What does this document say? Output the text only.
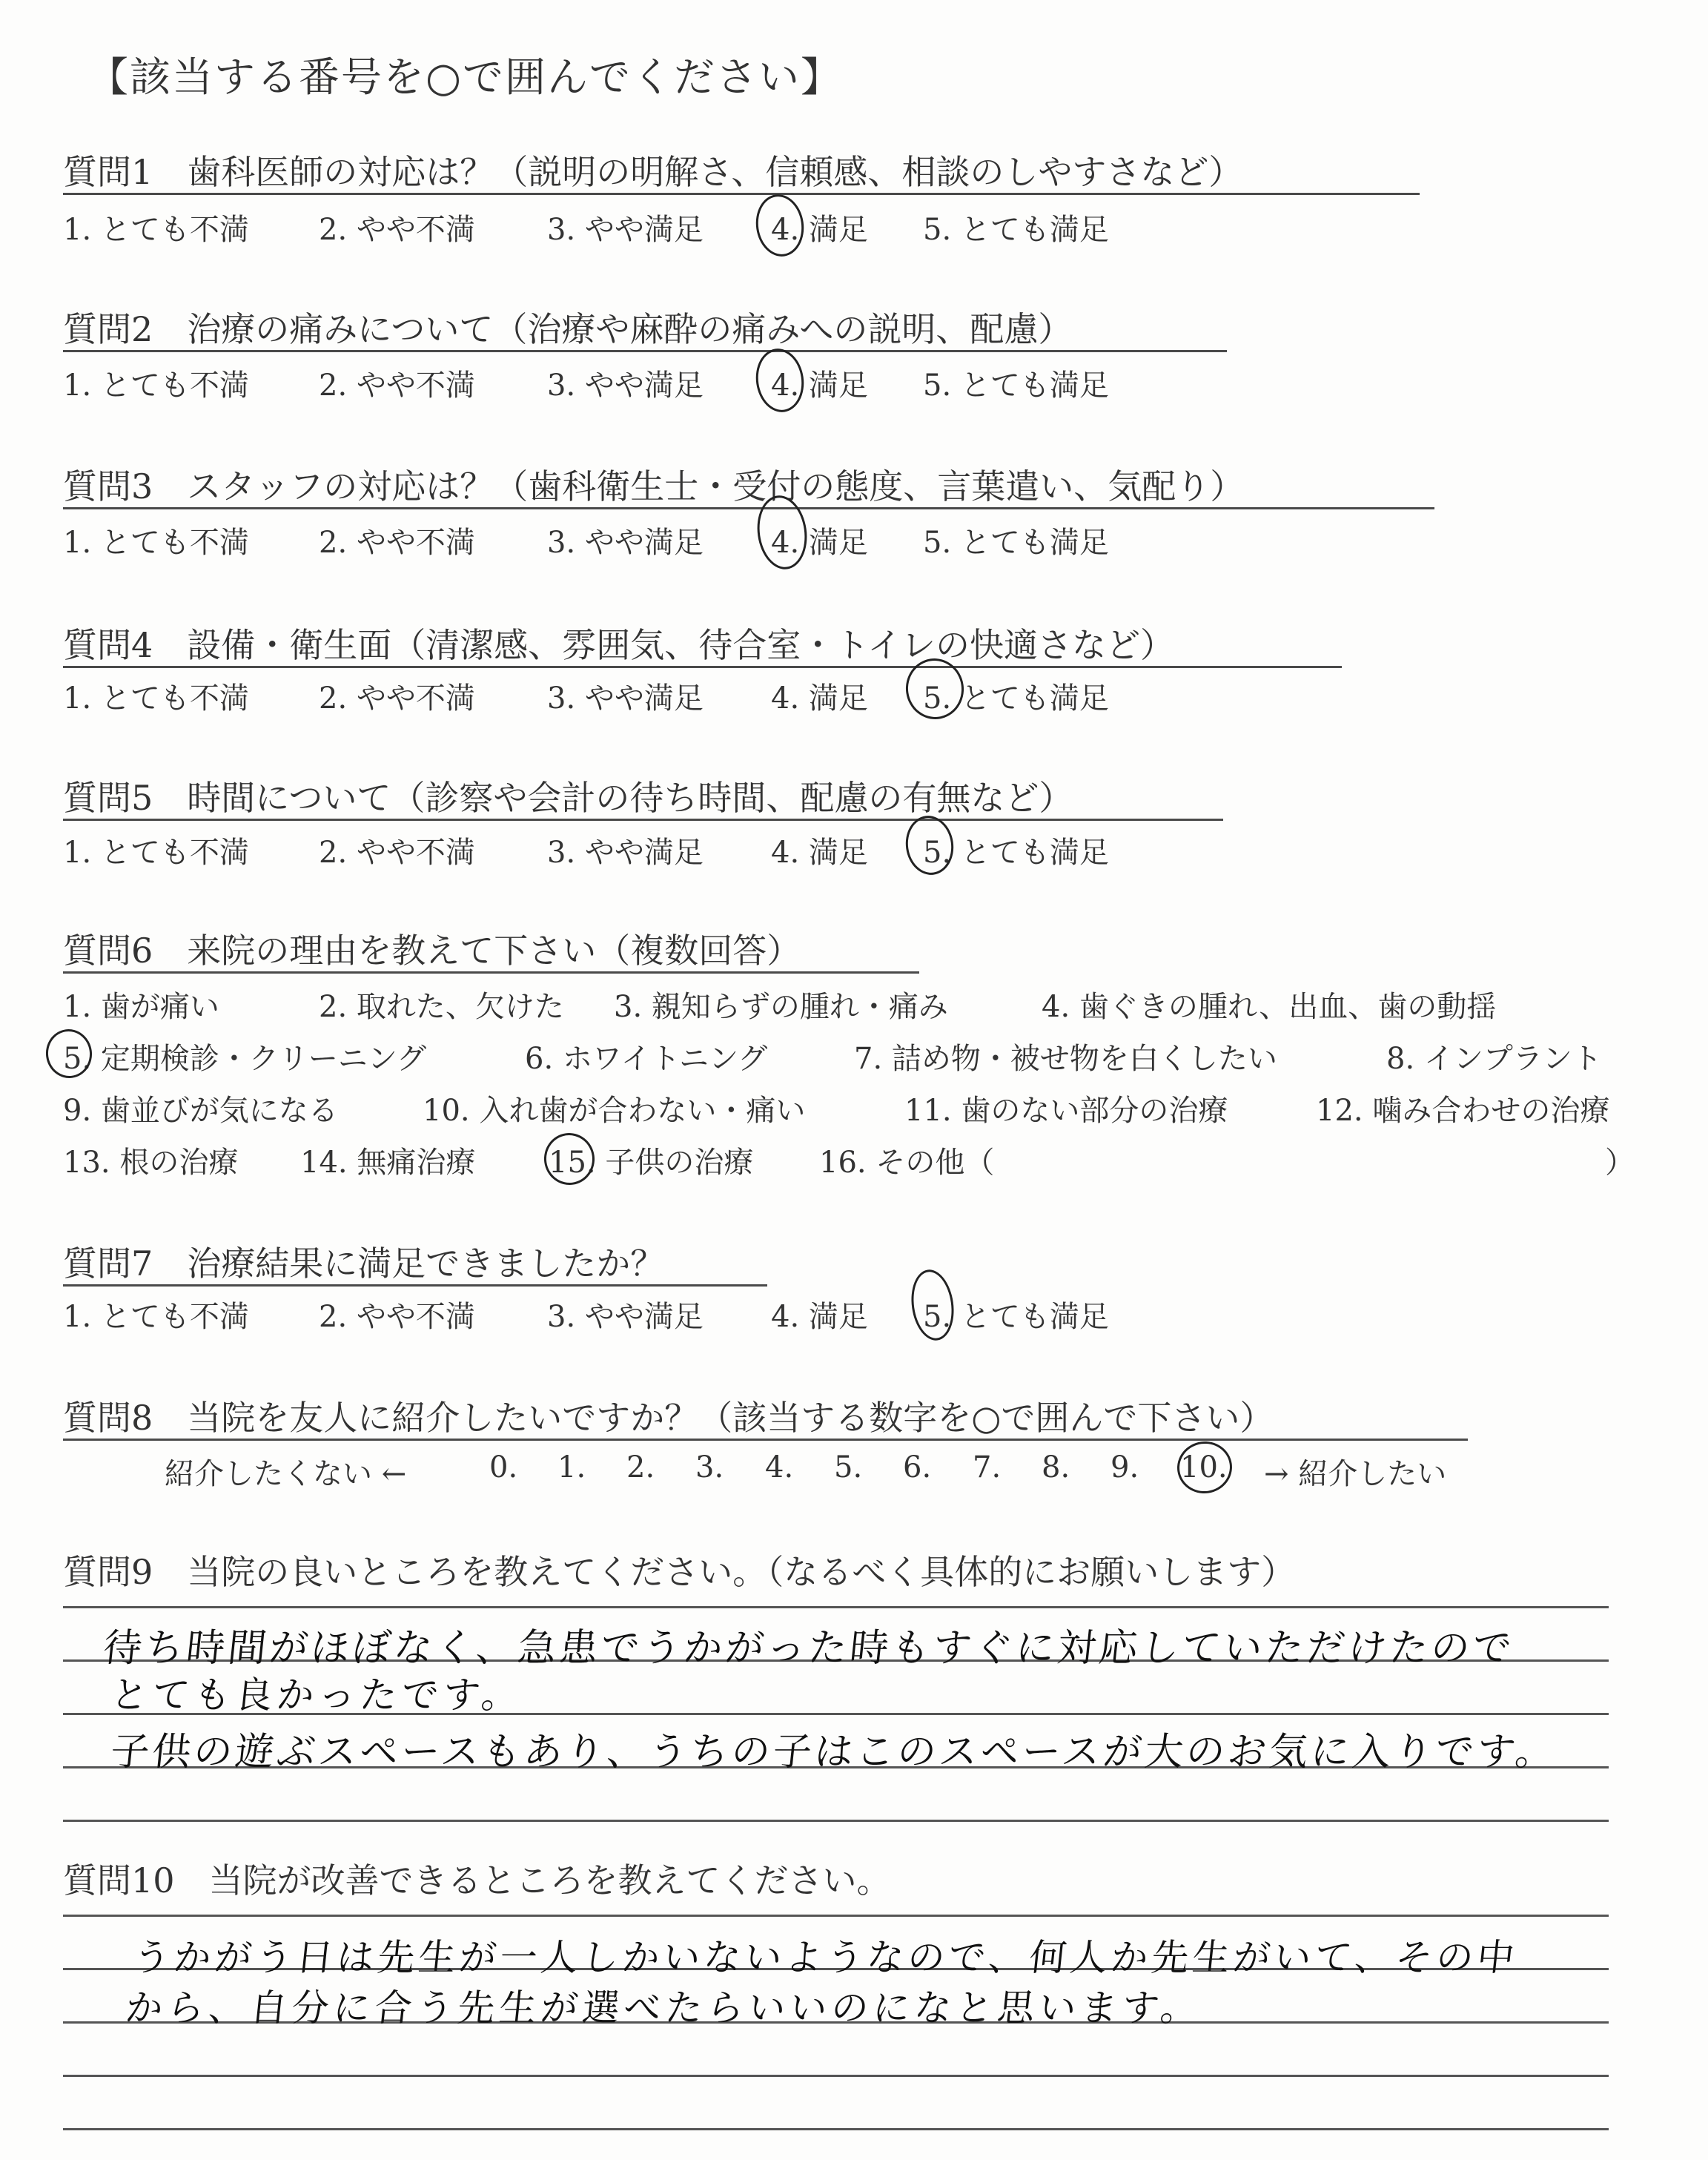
【該当する番号を○で囲んでください】
質問1　歯科医師の対応は？（説明の明解さ、信頼感、相談のしやすさなど）
1. とても不満 2. やや不満 3. やや満足 4. 満足 5. とても満足
質問2　治療の痛みについて（治療や麻酔の痛みへの説明、配慮）
1. とても不満 2. やや不満 3. やや満足 4. 満足 5. とても満足
質問3　スタッフの対応は？（歯科衛生士・受付の態度、言葉遣い、気配り）
1. とても不満 2. やや不満 3. やや満足 4. 満足 5. とても満足
質問4　設備・衛生面（清潔感、雰囲気、待合室・トイレの快適さなど）
1. とても不満 2. やや不満 3. やや満足 4. 満足 5. とても満足
質問5　時間について（診察や会計の待ち時間、配慮の有無など）
1. とても不満 2. やや不満 3. やや満足 4. 満足 5. とても満足
質問6　来院の理由を教えて下さい（複数回答）
1. 歯が痛い	2. 取れた、欠けた 3. 親知らずの腫れ・痛み	4. 歯ぐきの腫れ、出血、歯の動揺
5. 定期検診・クリーニング	6. ホワイトニング	7. 詰め物・被せ物を白くしたい	8. インプラント
9. 歯並びが気になる	10. 入れ歯が合わない・痛い	11. 歯のない部分の治療	12. 噛み合わせの治療
13. 根の治療 14. 無痛治療 15. 子供の治療 16. その他（	）
質問7　治療結果に満足できましたか？
1. とても不満 2. やや不満 3. やや満足 4. 満足 5. とても満足
質問8　当院を友人に紹介したいですか？（該当する数字を○で囲んで下さい）
紹介したくない ←	0. 1. 2. 3. 4. 5. 6. 7. 8. 9. 10. → 紹介したい
質問9　当院の良いところを教えてください。（なるべく具体的にお願いします）
待ち時間がほぼなく、急患でうかがった時もすぐに対応していただけたので
とても良かったです。
子供の遊ぶスペースもあり、うちの子はこのスペースが大のお気に入りです。
質問10　当院が改善できるところを教えてください。
うかがう日は先生が一人しかいないようなので、何人か先生がいて、その中
から、自分に合う先生が選べたらいいのになと思います。
